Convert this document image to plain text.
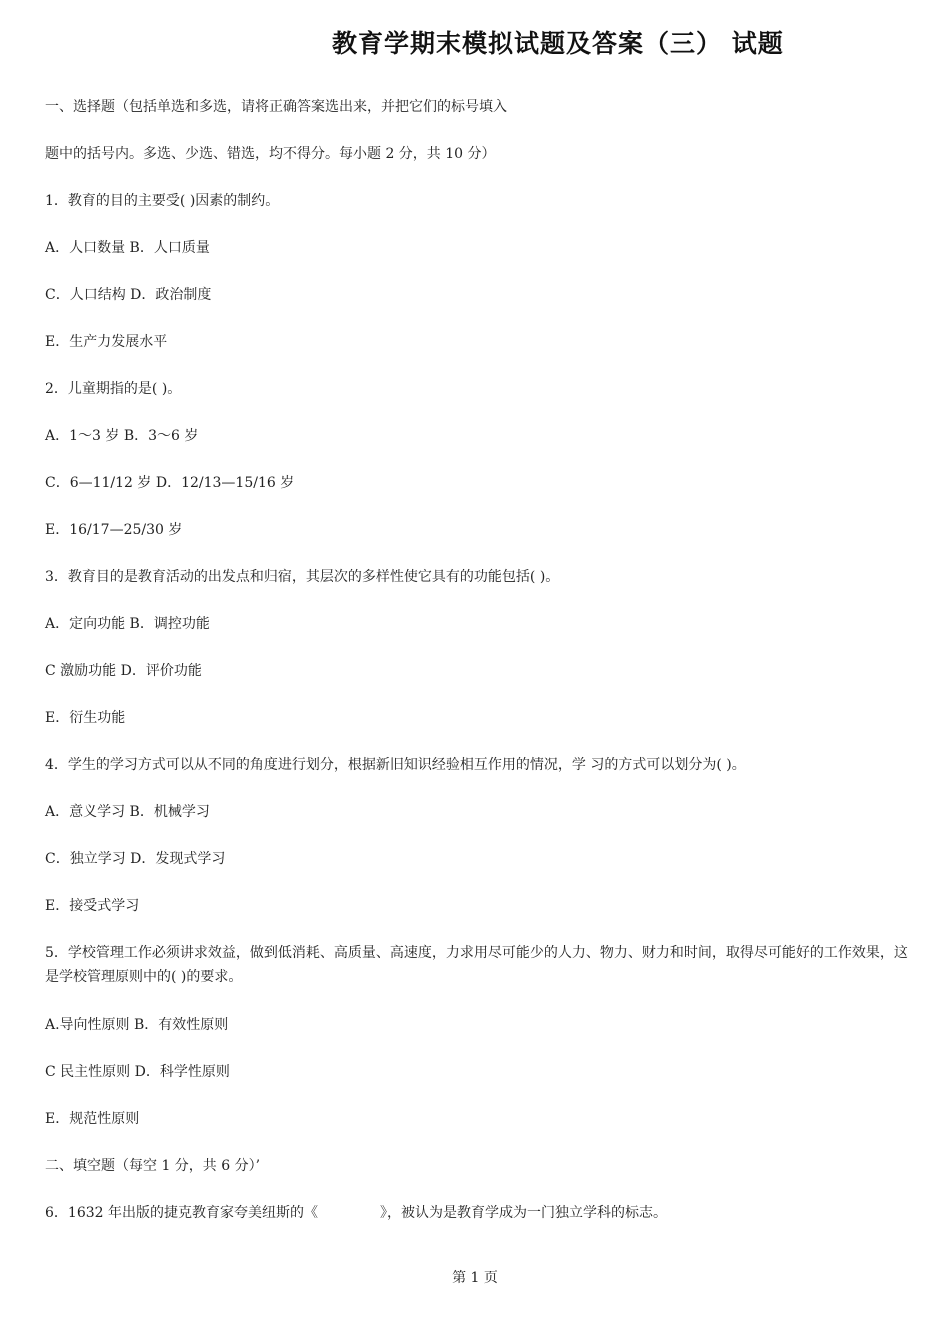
教育学期末模拟试题及答案（三） 试题
一、选择题（包括单选和多选，请将正确答案选出来，并把它们的标号填入
题中的括号内。多选、少选、错选，均不得分。每小题 2 分，共 10 分）
1．教育的目的主要受( )因素的制约。
A．人口数量 B．人口质量
C．人口结构 D．政治制度
E．生产力发展水平
2．儿童期指的是( )。
A．1～3 岁 B．3～6 岁
C．6—11/12 岁 D．12/13—15/16 岁
E．16/17—25/30 岁
3．教育目的是教育活动的出发点和归宿，其层次的多样性使它具有的功能包括( )。
A．定向功能 B．调控功能
C 激励功能 D．评价功能
E．衍生功能
4．学生的学习方式可以从不同的角度进行划分，根据新旧知识经验相互作用的情况，学 习的方式可以划分为( )。
A．意义学习 B．机械学习
C．独立学习 D．发现式学习
E．接受式学习
5．学校管理工作必须讲求效益，做到低消耗、高质量、高速度，力求用尽可能少的人力、物力、财力和时间，取得尽可能好的工作效果，这是学校管理原则中的( )的要求。
A.导向性原则 B．有效性原则
C 民主性原则 D．科学性原则
E．规范性原则
二、填空题（每空 1 分，共 6 分）’
6．1632 年出版的捷克教育家夸美纽斯的《	》，被认为是教育学成为一门独立学科的标志。
第 1 页
